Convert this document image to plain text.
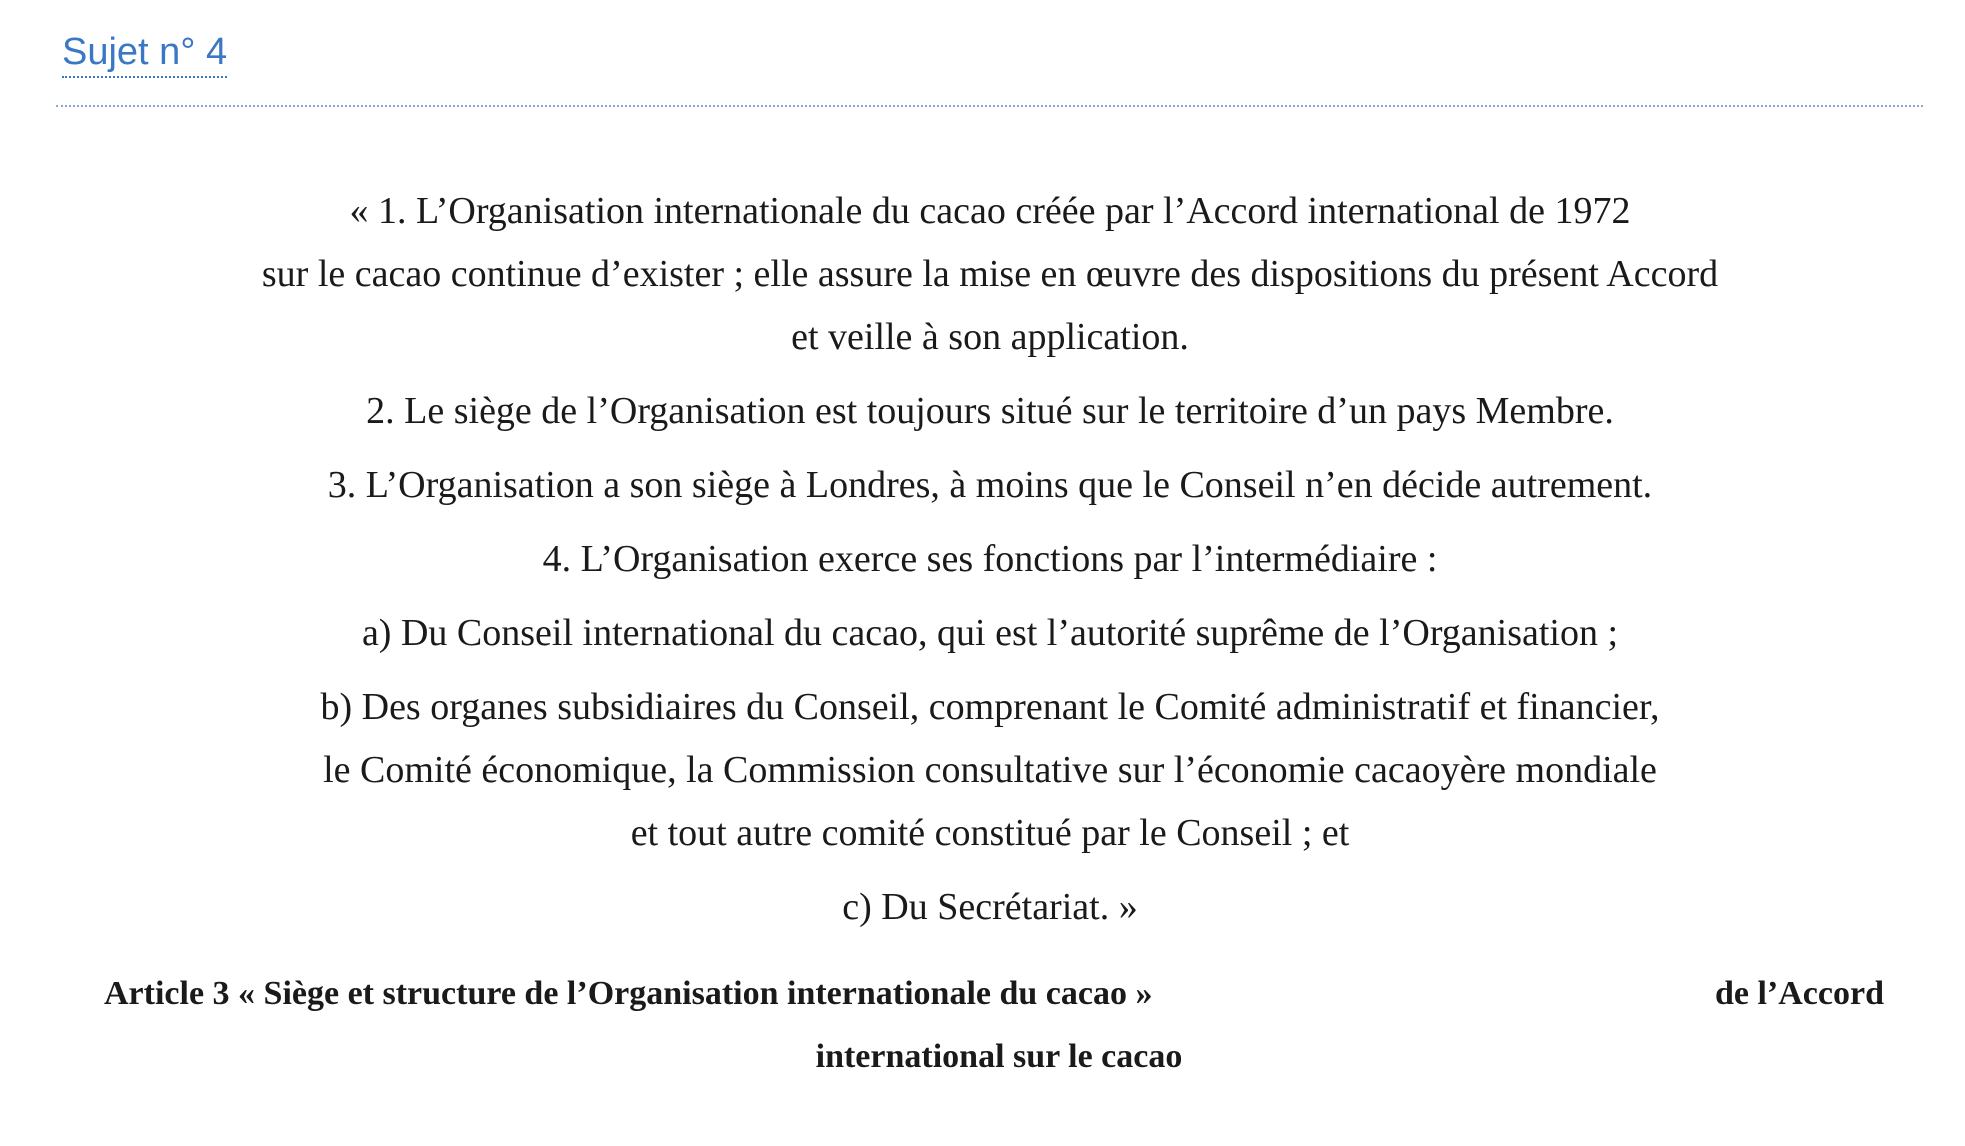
Sujet n° 4

« 1. L’Organisation internationale du cacao créée par l’Accord international de 1972
sur le cacao continue d’exister ; elle assure la mise en œuvre des dispositions du présent Accord
et veille à son application.

2. Le siège de l’Organisation est toujours situé sur le territoire d’un pays Membre.

3. L’Organisation a son siège à Londres, à moins que le Conseil n’en décide autrement.

4. L’Organisation exerce ses fonctions par l’intermédiaire :

a) Du Conseil international du cacao, qui est l’autorité suprême de l’Organisation ;

b) Des organes subsidiaires du Conseil, comprenant le Comité administratif et financier,
le Comité économique, la Commission consultative sur l’économie cacaoyère mondiale
et tout autre comité constitué par le Conseil ; et

c) Du Secrétariat. »

Article 3 « Siège et structure de l’Organisation internationale du cacao »	de l’Accord
international sur le cacao
